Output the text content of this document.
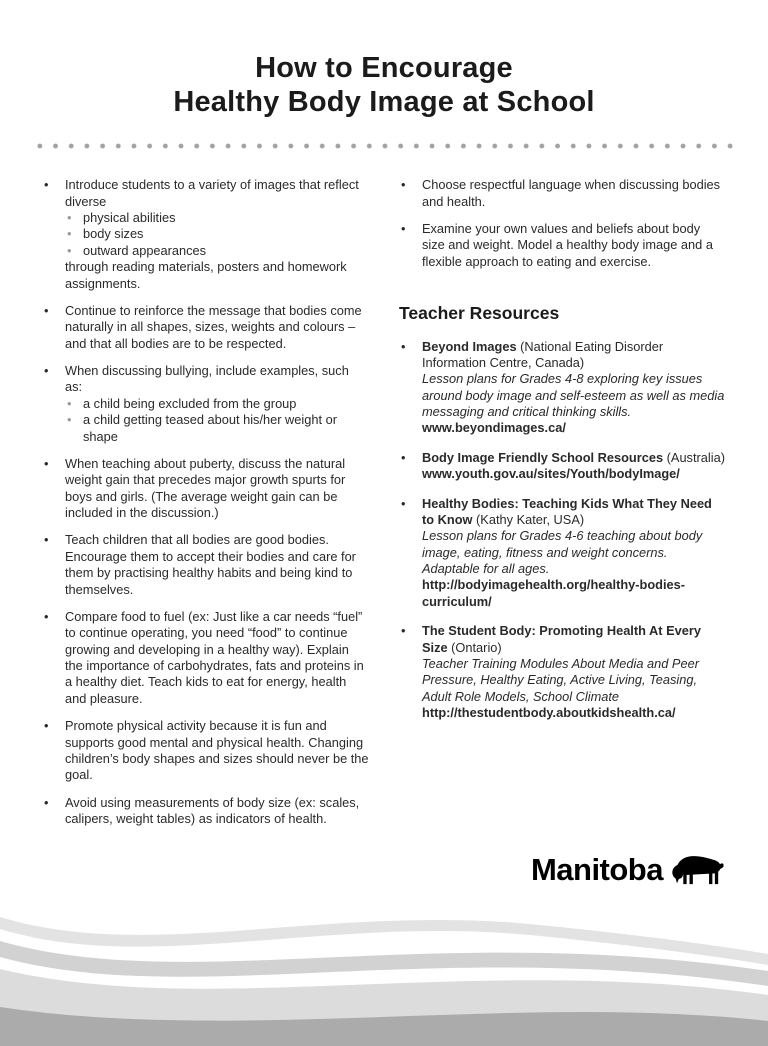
How to Encourage
Healthy Body Image at School
• Introduce students to a variety of images that reflect diverse
• physical abilities
• body sizes
• outward appearances
through reading materials, posters and homework assignments.
• Continue to reinforce the message that bodies come naturally in all shapes, sizes, weights and colours – and that all bodies are to be respected.
• When discussing bullying, include examples, such as:
• a child being excluded from the group
• a child getting teased about his/her weight or shape
• When teaching about puberty, discuss the natural weight gain that precedes major growth spurts for boys and girls. (The average weight gain can be included in the discussion.)
• Teach children that all bodies are good bodies. Encourage them to accept their bodies and care for them by practising healthy habits and being kind to themselves.
• Compare food to fuel (ex: Just like a car needs “fuel” to continue operating, you need “food” to continue growing and developing in a healthy way). Explain the importance of carbohydrates, fats and proteins in a healthy diet. Teach kids to eat for energy, health and pleasure.
• Promote physical activity because it is fun and supports good mental and physical health. Changing children’s body shapes and sizes should never be the goal.
• Avoid using measurements of body size (ex: scales, calipers, weight tables) as indicators of health.
• Choose respectful language when discussing bodies and health.
• Examine your own values and beliefs about body size and weight. Model a healthy body image and a flexible approach to eating and exercise.
Teacher Resources
• Beyond Images (National Eating Disorder Information Centre, Canada)
Lesson plans for Grades 4-8 exploring key issues around body image and self-esteem as well as media messaging and critical thinking skills.
www.beyondimages.ca/
• Body Image Friendly School Resources (Australia)
www.youth.gov.au/sites/Youth/bodyImage/
• Healthy Bodies: Teaching Kids What They Need to Know (Kathy Kater, USA)
Lesson plans for Grades 4-6 teaching about body image, eating, fitness and weight concerns. Adaptable for all ages.
http://bodyimagehealth.org/healthy-bodies-curriculum/
• The Student Body: Promoting Health At Every Size (Ontario)
Teacher Training Modules About Media and Peer Pressure, Healthy Eating, Active Living, Teasing, Adult Role Models, School Climate
http://thestudentbody.aboutkidshealth.ca/
Manitoba
